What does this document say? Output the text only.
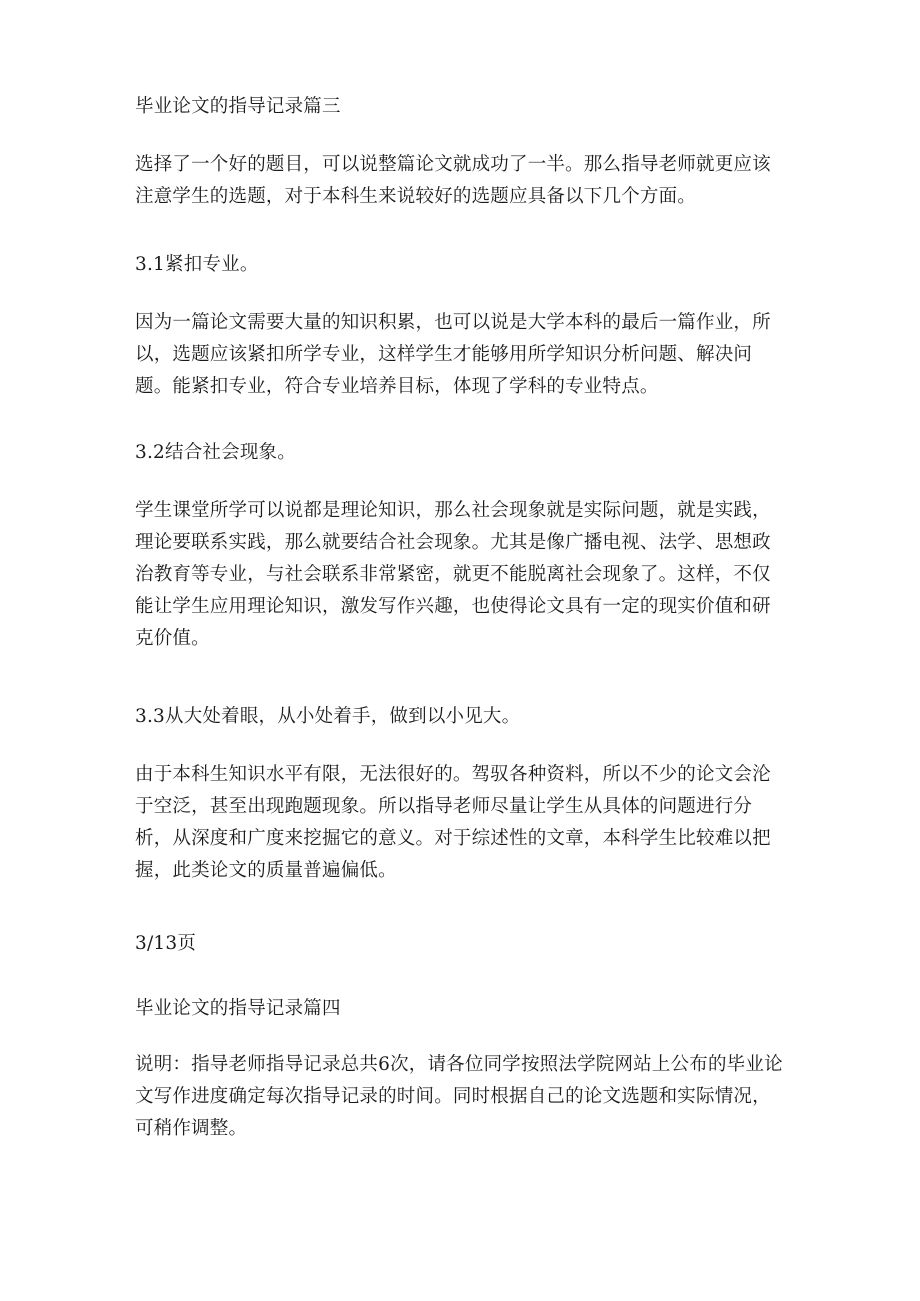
毕业论文的指导记录篇三
选择了一个好的题目，可以说整篇论文就成功了一半。那么指导老师就更应该
注意学生的选题，对于本科生来说较好的选题应具备以下几个方面。
3.1紧扣专业。
因为一篇论文需要大量的知识积累，也可以说是大学本科的最后一篇作业，所
以，选题应该紧扣所学专业，这样学生才能够用所学知识分析问题、解决问
题。能紧扣专业，符合专业培养目标，体现了学科的专业特点。
3.2结合社会现象。
学生课堂所学可以说都是理论知识，那么社会现象就是实际问题，就是实践，
理论要联系实践，那么就要结合社会现象。尤其是像广播电视、法学、思想政
治教育等专业，与社会联系非常紧密，就更不能脱离社会现象了。这样，不仅
能让学生应用理论知识，激发写作兴趣，也使得论文具有一定的现实价值和研
克价值。
3.3从大处着眼，从小处着手，做到以小见大。
由于本科生知识水平有限，无法很好的。驾驭各种资料，所以不少的论文会沦
于空泛，甚至出现跑题现象。所以指导老师尽量让学生从具体的问题进行分
析，从深度和广度来挖掘它的意义。对于综述性的文章，本科学生比较难以把
握，此类论文的质量普遍偏低。
3/13页
毕业论文的指导记录篇四
说明：指导老师指导记录总共6次，请各位同学按照法学院网站上公布的毕业论
文写作进度确定每次指导记录的时间。同时根据自己的论文选题和实际情况，
可稍作调整。
